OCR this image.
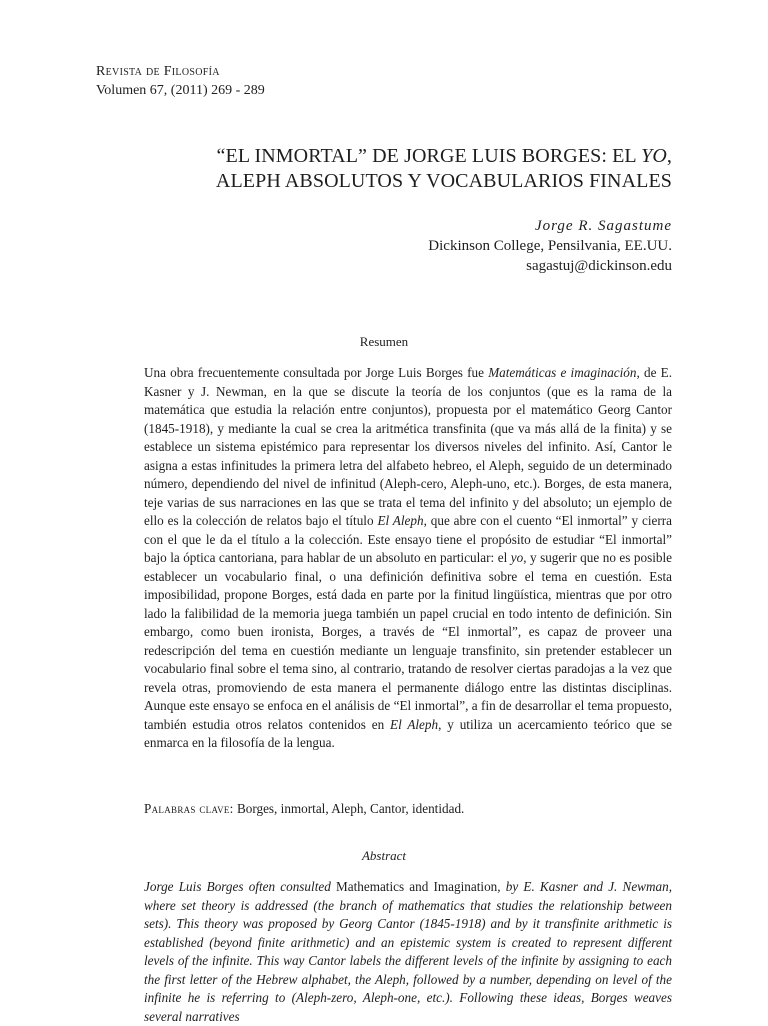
Revista de Filosofía
Volumen 67, (2011) 269 - 289
“EL INMORTAL” DE JORGE LUIS BORGES: EL YO,
ALEPH ABSOLUTOS Y VOCABULARIOS FINALES
Jorge R. Sagastume
Dickinson College, Pensilvania, EE.UU.
sagastuj@dickinson.edu
Resumen
Una obra frecuentemente consultada por Jorge Luis Borges fue Matemáticas e imaginación, de E. Kasner y J. Newman, en la que se discute la teoría de los conjuntos (que es la rama de la matemática que estudia la relación entre conjuntos), propuesta por el matemático Georg Cantor (1845-1918), y mediante la cual se crea la aritmética transfinita (que va más allá de la finita) y se establece un sistema epistémico para representar los diversos niveles del infinito. Así, Cantor le asigna a estas infinitudes la primera letra del alfabeto hebreo, el Aleph, seguido de un determinado número, dependiendo del nivel de infinitud (Aleph-cero, Aleph-uno, etc.). Borges, de esta manera, teje varias de sus narraciones en las que se trata el tema del infinito y del absoluto; un ejemplo de ello es la colección de relatos bajo el título El Aleph, que abre con el cuento “El inmortal” y cierra con el que le da el título a la colección. Este ensayo tiene el propósito de estudiar “El inmortal” bajo la óptica cantoriana, para hablar de un absoluto en particular: el yo, y sugerir que no es posible establecer un vocabulario final, o una definición definitiva sobre el tema en cuestión. Esta imposibilidad, propone Borges, está dada en parte por la finitud lingüística, mientras que por otro lado la falibilidad de la memoria juega también un papel crucial en todo intento de definición. Sin embargo, como buen ironista, Borges, a través de “El inmortal”, es capaz de proveer una redescripción del tema en cuestión mediante un lenguaje transfinito, sin pretender establecer un vocabulario final sobre el tema sino, al contrario, tratando de resolver ciertas paradojas a la vez que revela otras, promoviendo de esta manera el permanente diálogo entre las distintas disciplinas. Aunque este ensayo se enfoca en el análisis de “El inmortal”, a fin de desarrollar el tema propuesto, también estudia otros relatos contenidos en El Aleph, y utiliza un acercamiento teórico que se enmarca en la filosofía de la lengua.
Palabras clave: Borges, inmortal, Aleph, Cantor, identidad.
Abstract
Jorge Luis Borges often consulted Mathematics and Imagination, by E. Kasner and J. Newman, where set theory is addressed (the branch of mathematics that studies the relationship between sets). This theory was proposed by Georg Cantor (1845-1918) and by it transfinite arithmetic is established (beyond finite arithmetic) and an epistemic system is created to represent different levels of the infinite. This way Cantor labels the different levels of the infinite by assigning to each the first letter of the Hebrew alphabet, the Aleph, followed by a number, depending on level of the infinite he is referring to (Aleph-zero, Aleph-one, etc.). Following these ideas, Borges weaves several narratives
